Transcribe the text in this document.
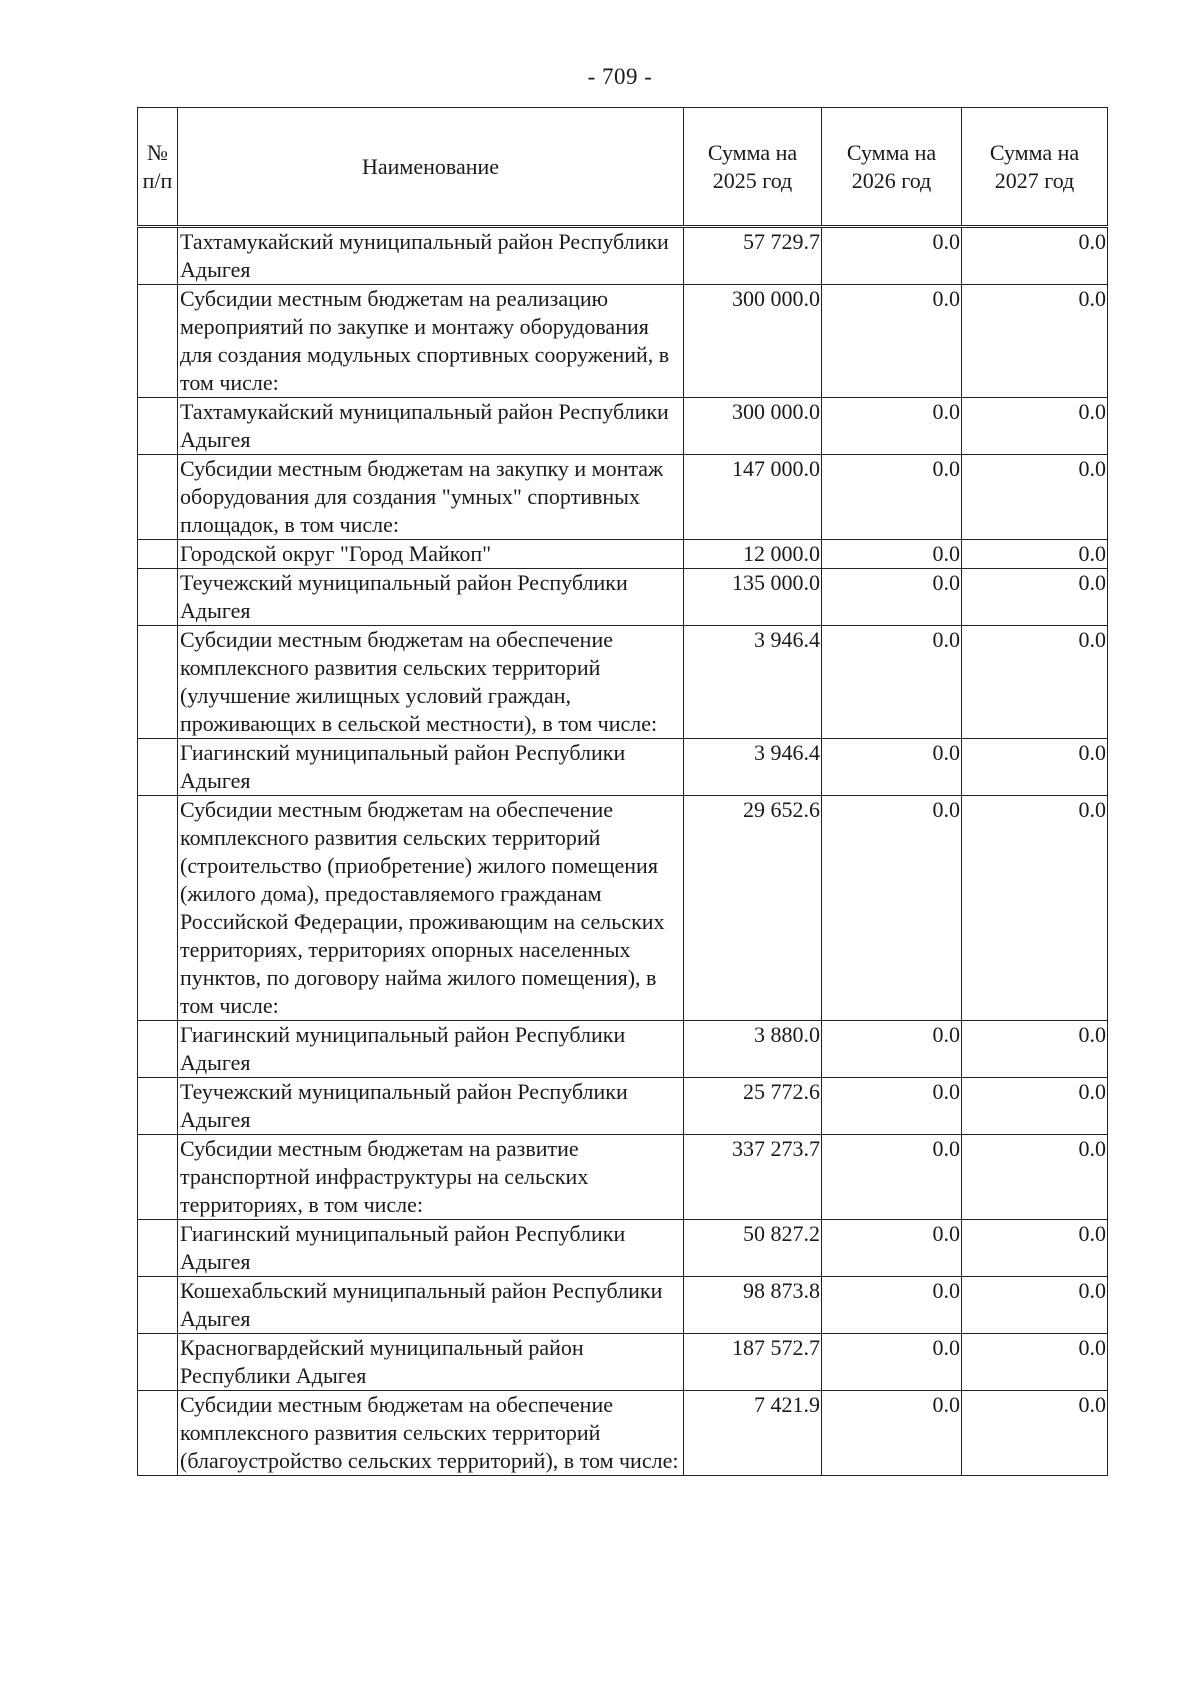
- 709 -
№ п/п	Наименование	Сумма на 2025 год	Сумма на 2026 год	Сумма на 2027 год
	Тахтамукайский муниципальный район Республики Адыгея	57 729.7	0.0	0.0
	Субсидии местным бюджетам на реализацию мероприятий по закупке и монтажу оборудования для создания модульных спортивных сооружений, в том числе:	300 000.0	0.0	0.0
	Тахтамукайский муниципальный район Республики Адыгея	300 000.0	0.0	0.0
	Субсидии местным бюджетам на закупку и монтаж оборудования для создания "умных" спортивных площадок, в том числе:	147 000.0	0.0	0.0
	Городской округ "Город Майкоп"	12 000.0	0.0	0.0
	Теучежский муниципальный район Республики Адыгея	135 000.0	0.0	0.0
	Субсидии местным бюджетам на обеспечение комплексного развития сельских территорий (улучшение жилищных условий граждан, проживающих в сельской местности), в том числе:	3 946.4	0.0	0.0
	Гиагинский муниципальный район Республики Адыгея	3 946.4	0.0	0.0
	Субсидии местным бюджетам на обеспечение комплексного развития сельских территорий (строительство (приобретение) жилого помещения (жилого дома), предоставляемого гражданам Российской Федерации, проживающим на сельских территориях, территориях опорных населенных пунктов, по договору найма жилого помещения), в том числе:	29 652.6	0.0	0.0
	Гиагинский муниципальный район Республики Адыгея	3 880.0	0.0	0.0
	Теучежский муниципальный район Республики Адыгея	25 772.6	0.0	0.0
	Субсидии местным бюджетам на развитие транспортной инфраструктуры на сельских территориях, в том числе:	337 273.7	0.0	0.0
	Гиагинский муниципальный район Республики Адыгея	50 827.2	0.0	0.0
	Кошехабльский муниципальный район Республики Адыгея	98 873.8	0.0	0.0
	Красногвардейский муниципальный район Республики Адыгея	187 572.7	0.0	0.0
	Субсидии местным бюджетам на обеспечение комплексного развития сельских территорий (благоустройство сельских территорий), в том числе:	7 421.9	0.0	0.0
